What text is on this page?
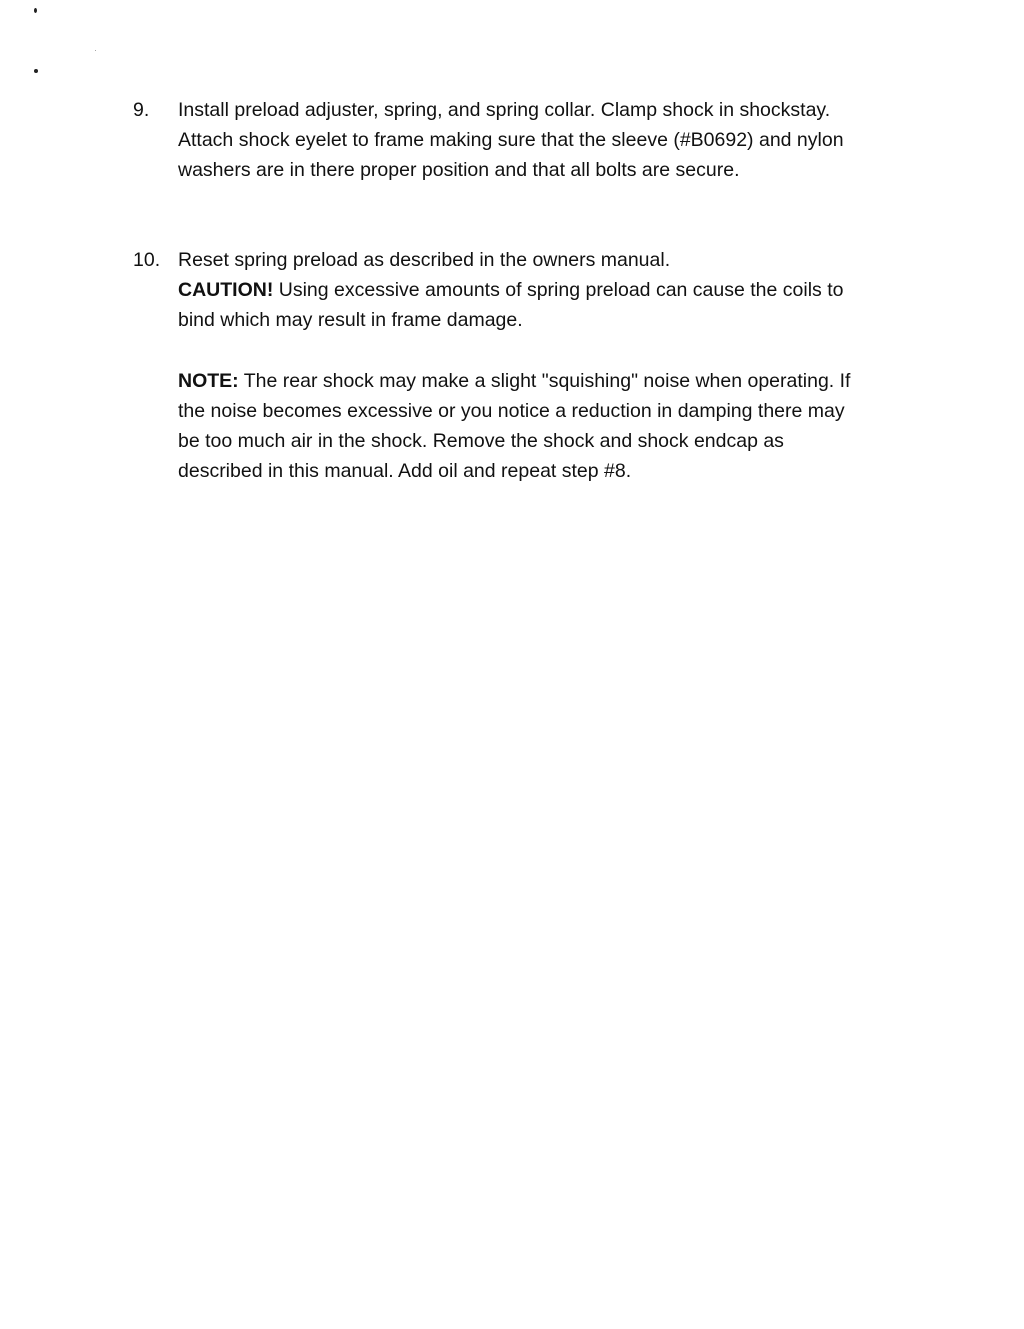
9.	Install preload adjuster, spring, and spring collar. Clamp shock in shockstay. Attach shock eyelet to frame making sure that the sleeve (#B0692) and nylon washers are in there proper position and that all bolts are secure.

10. Reset spring preload as described in the owners manual.

CAUTION! Using excessive amounts of spring preload can cause the coils to bind which may result in frame damage.

NOTE: The rear shock may make a slight "squishing" noise when operating. If the noise becomes excessive or you notice a reduction in damping there may be too much air in the shock. Remove the shock and shock endcap as described in this manual. Add oil and repeat step #8.
